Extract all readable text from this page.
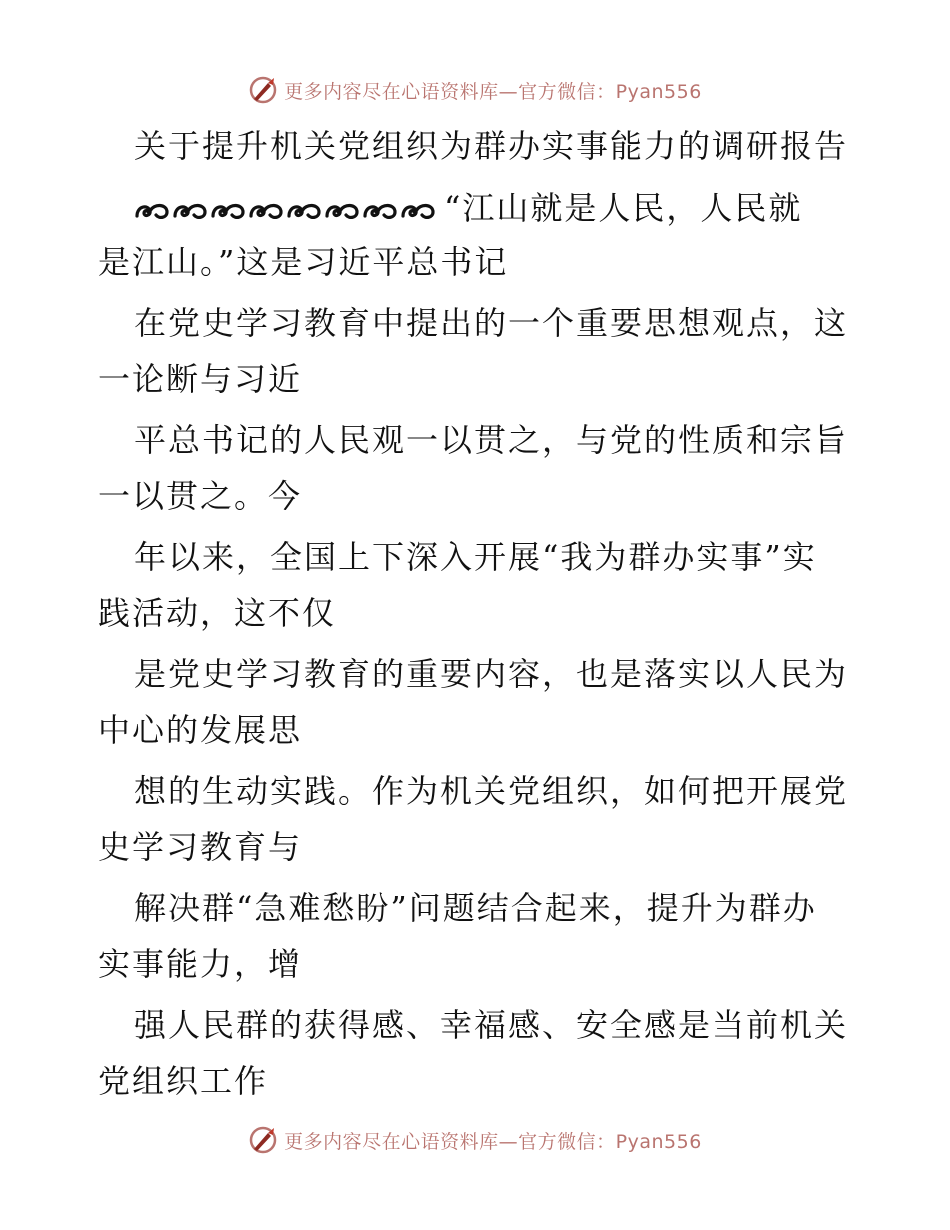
更多内容尽在心语资料库—官方微信：Pyan556
关于提升机关党组织为群办实事能力的调研报告
“江山就是人民，人民就
是江山。”这是习近平总书记
在党史学习教育中提出的一个重要思想观点，这
一论断与习近
平总书记的人民观一以贯之，与党的性质和宗旨
一以贯之。今
年以来，全国上下深入开展“我为群办实事”实
践活动，这不仅
是党史学习教育的重要内容，也是落实以人民为
中心的发展思
想的生动实践。作为机关党组织，如何把开展党
史学习教育与
解决群“急难愁盼”问题结合起来，提升为群办
实事能力，增
强人民群的获得感、幸福感、安全感是当前机关
党组织工作
更多内容尽在心语资料库—官方微信：Pyan556
